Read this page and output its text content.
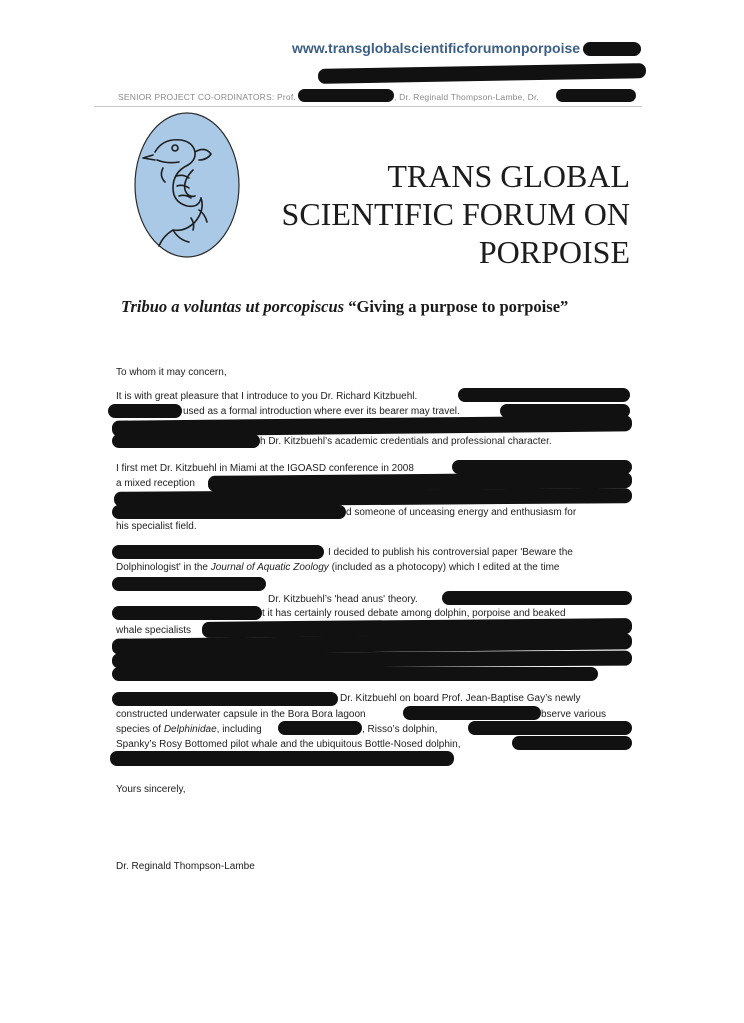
www.transglobalscientificforumonporpoise
SENIOR PROJECT CO-ORDINATORS: Prof.	, Dr. Reginald Thompson-Lambe, Dr.
TRANS GLOBAL
SCIENTIFIC FORUM ON
PORPOISE
Tribuo a voluntas ut porcopiscus “Giving a purpose to porpoise”
To whom it may concern,
It is with great pleasure that I introduce to you Dr. Richard Kitzbuehl.
used as a formal introduction where ever its bearer may travel.
h Dr. Kitzbuehl’s academic credentials and professional character.
I first met Dr. Kitzbuehl in Miami at the IGOASD conference in 2008
a mixed reception
d someone of unceasing energy and enthusiasm for
his specialist field.
I decided to publish his controversial paper 'Beware the
Dolphinologist' in the Journal of Aquatic Zoology (included as a photocopy) which I edited at the time
Dr. Kitzbuehl’s 'head anus' theory.
t it has certainly roused debate among dolphin, porpoise and beaked
whale specialists
Dr. Kitzbuehl on board Prof. Jean-Baptise Gay’s newly
constructed underwater capsule in the Bora Bora lagoon	bserve various
species of Delphinidae, including	, Risso’s dolphin,
Spanky’s Rosy Bottomed pilot whale and the ubiquitous Bottle-Nosed dolphin,
Yours sincerely,
Dr. Reginald Thompson-Lambe
